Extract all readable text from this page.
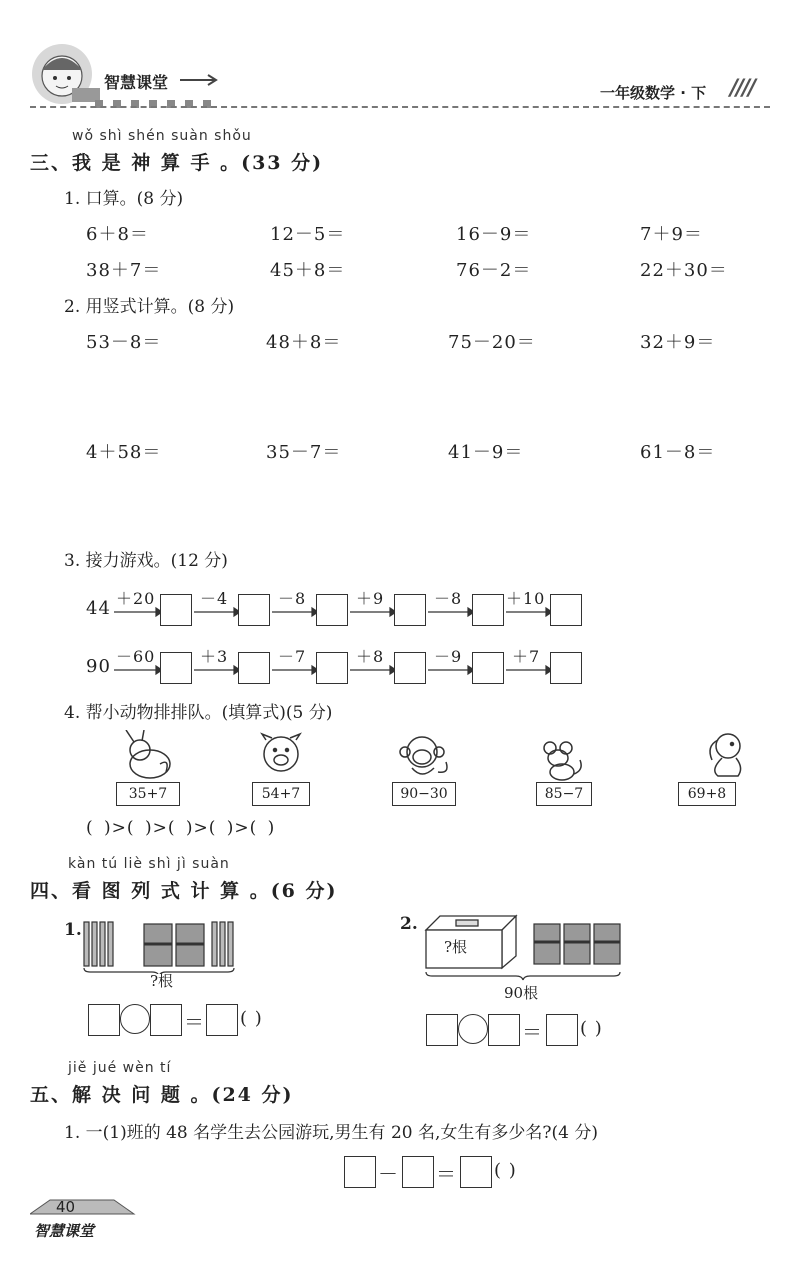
智慧课堂
一年级数学 · 下 ////
wǒ shì shén suàn shǒu
三、我 是 神 算 手 。(33 分)
1. 口算。(8 分)
6＋8＝	12－5＝	16－9＝	7＋9＝
38＋7＝	45＋8＝	76－2＝	22＋30＝
2. 用竖式计算。(8 分)
53－8＝	48＋8＝	75－20＝	32＋9＝
4＋58＝	35－7＝	41－9＝	61－8＝
3. 接力游戏。(12 分)
44 ＋20	－4	－8	＋9	－8	＋10
90 －60	＋3	－7	＋8	－9	＋7
4. 帮小动物排排队。(填算式)(5 分)
35+7	54+7	90−30	85−7	69+8
( )>( )>( )>( )>( )
kàn tú liè shì jì suàn
四、看 图 列 式 计 算 。(6 分)
1.
?根
＝ ( )
2.
?根
90根
＝ ( )
jiě jué wèn tí
五、解 决 问 题 。(24 分)
1. 一(1)班的 48 名学生去公园游玩,男生有 20 名,女生有多少名?(4 分)
－ ＝ ( )
40
智慧课堂
